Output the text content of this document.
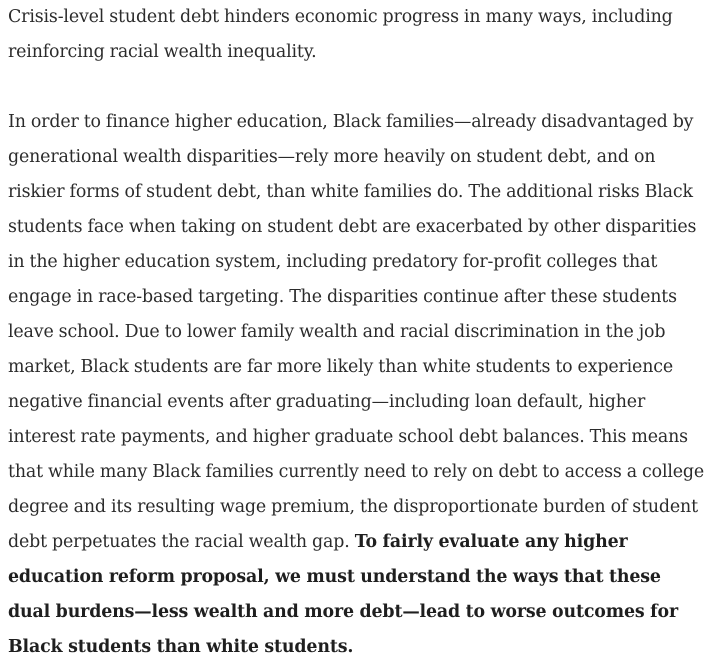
Crisis-level student debt hinders economic progress in many ways, including reinforcing racial wealth inequality.

In order to finance higher education, Black families—already disadvantaged by generational wealth disparities—rely more heavily on student debt, and on riskier forms of student debt, than white families do. The additional risks Black students face when taking on student debt are exacerbated by other disparities in the higher education system, including predatory for-profit colleges that engage in race-based targeting. The disparities continue after these students leave school. Due to lower family wealth and racial discrimination in the job market, Black students are far more likely than white students to experience negative financial events after graduating—including loan default, higher interest rate payments, and higher graduate school debt balances. This means that while many Black families currently need to rely on debt to access a college degree and its resulting wage premium, the disproportionate burden of student debt perpetuates the racial wealth gap. To fairly evaluate any higher education reform proposal, we must understand the ways that these dual burdens—less wealth and more debt—lead to worse outcomes for Black students than white students.
